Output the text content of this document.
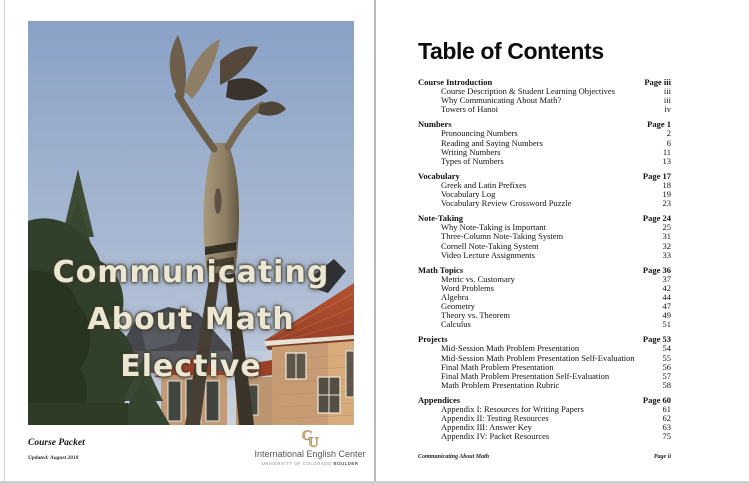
Communicating
About Math
Elective
Course Packet
Updated: August 2018
C
U
International English Center
UNIVERSITY OF COLORADO BOULDER
Table of Contents
Course Introduction	Page iii
Course Description & Student Learning Objectives	iii
Why Communicating About Math?	iii
Towers of Hanoi	iv
Numbers	Page 1
Pronouncing Numbers	2
Reading and Saying Numbers	6
Writing Numbers	11
Types of Numbers	13
Vocabulary	Page 17
Greek and Latin Prefixes	18
Vocabulary Log	19
Vocabulary Review Crossword Puzzle	23
Note-Taking	Page 24
Why Note-Taking is Important	25
Three-Column Note-Taking System	31
Cornell Note-Taking System	32
Video Lecture Assignments	33
Math Topics	Page 36
Metric vs. Customary	37
Word Problems	42
Algebra	44
Geometry	47
Theory vs. Theorem	49
Calculus	51
Projects	Page 53
Mid-Session Math Problem Presentation	54
Mid-Session Math Problem Presentation Self-Evaluation	55
Final Math Problem Presentation	56
Final Math Problem Presentation Self-Evaluation	57
Math Problem Presentation Rubric	58
Appendices	Page 60
Appendix I: Resources for Writing Papers	61
Appendix II: Testing Resources	62
Appendix III: Answer Key	63
Appendix IV: Packet Resources	75
Communicating About Math	Page ii
